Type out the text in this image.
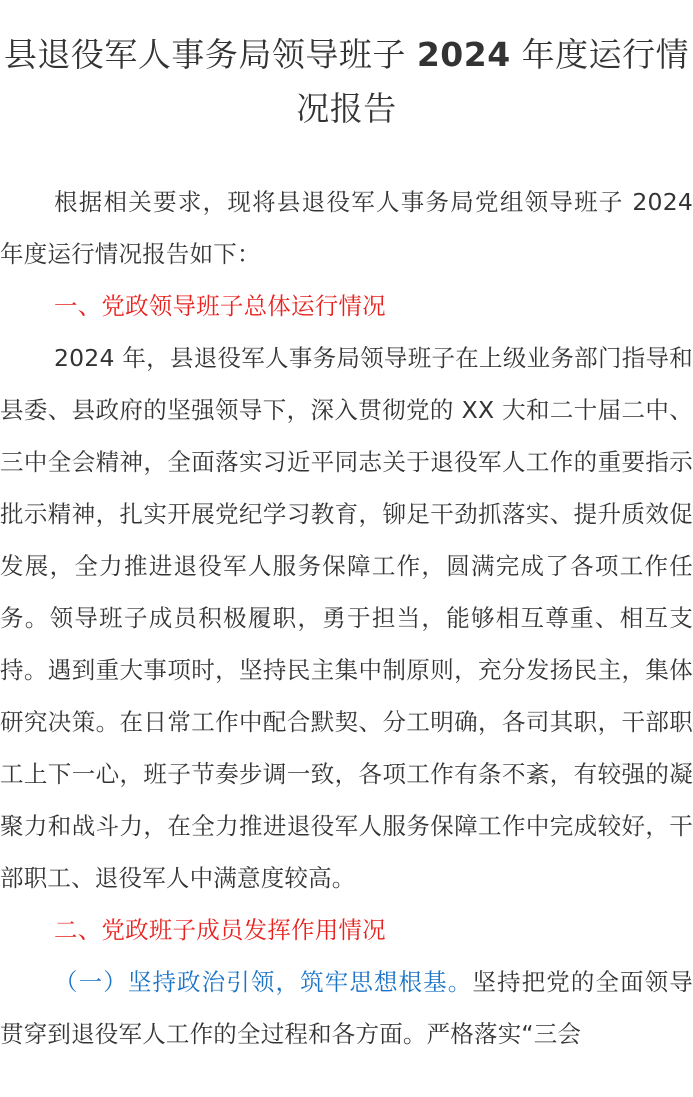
县退役军人事务局领导班子 2024 年度运行情况报告

根据相关要求，现将县退役军人事务局党组领导班子 2024 年度运行情况报告如下：

一、党政领导班子总体运行情况

2024 年，县退役军人事务局领导班子在上级业务部门指导和县委、县政府的坚强领导下，深入贯彻党的 XX 大和二十届二中、三中全会精神，全面落实习近平同志关于退役军人工作的重要指示批示精神，扎实开展党纪学习教育，铆足干劲抓落实、提升质效促发展，全力推进退役军人服务保障工作，圆满完成了各项工作任务。领导班子成员积极履职，勇于担当，能够相互尊重、相互支持。遇到重大事项时，坚持民主集中制原则，充分发扬民主，集体研究决策。在日常工作中配合默契、分工明确，各司其职，干部职工上下一心，班子节奏步调一致，各项工作有条不紊，有较强的凝聚力和战斗力，在全力推进退役军人服务保障工作中完成较好，干部职工、退役军人中满意度较高。

二、党政班子成员发挥作用情况

（一）坚持政治引领，筑牢思想根基。坚持把党的全面领导贯穿到退役军人工作的全过程和各方面。严格落实“三会
